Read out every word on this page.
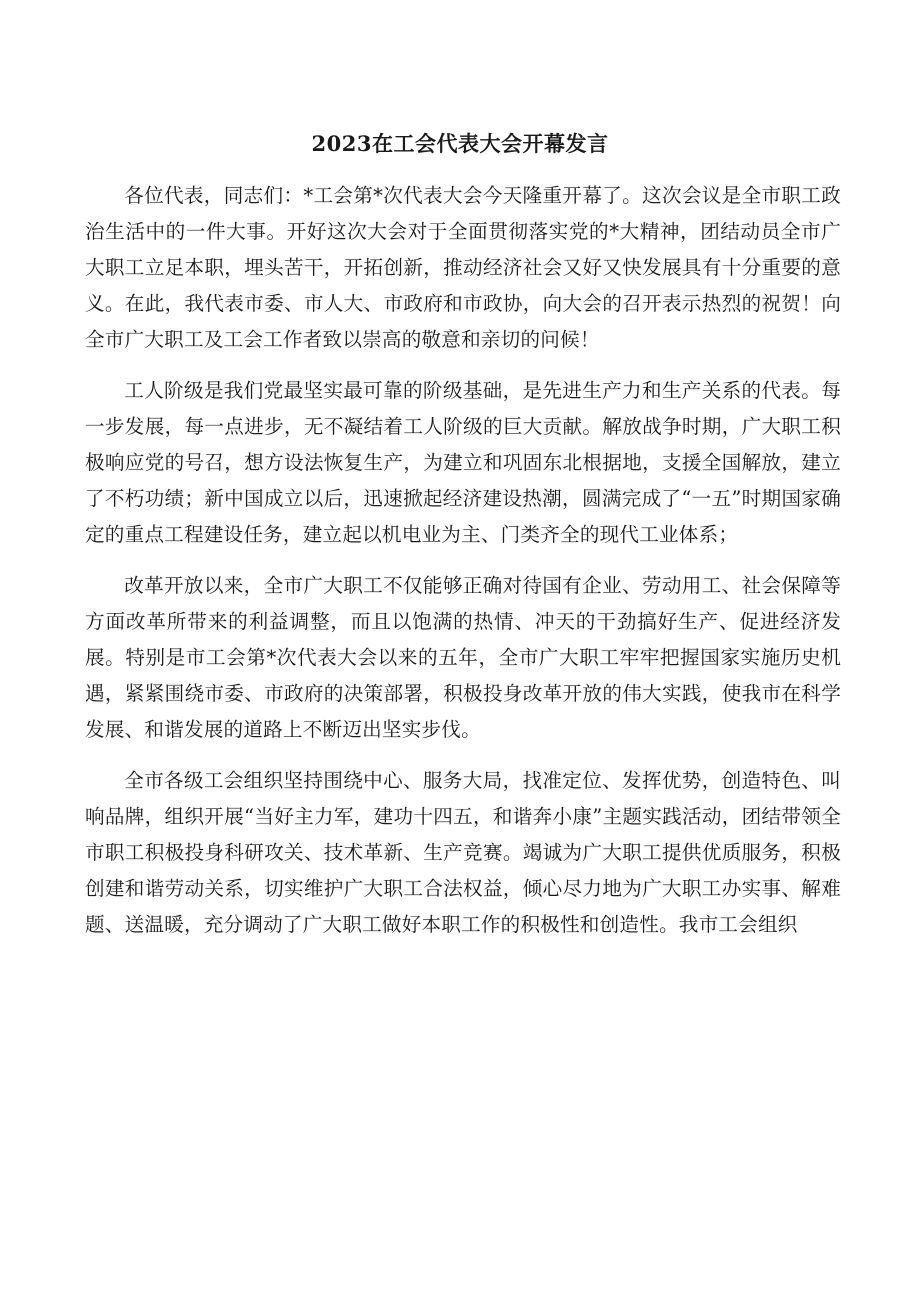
2023在工会代表大会开幕发言

各位代表，同志们：*工会第*次代表大会今天隆重开幕了。这次会议是全市职工政治生活中的一件大事。开好这次大会对于全面贯彻落实党的*大精神，团结动员全市广大职工立足本职，埋头苦干，开拓创新，推动经济社会又好又快发展具有十分重要的意义。在此，我代表市委、市人大、市政府和市政协，向大会的召开表示热烈的祝贺！向全市广大职工及工会工作者致以崇高的敬意和亲切的问候！

工人阶级是我们党最坚实最可靠的阶级基础，是先进生产力和生产关系的代表。每一步发展，每一点进步，无不凝结着工人阶级的巨大贡献。解放战争时期，广大职工积极响应党的号召，想方设法恢复生产，为建立和巩固东北根据地，支援全国解放，建立了不朽功绩；新中国成立以后，迅速掀起经济建设热潮，圆满完成了“一五”时期国家确定的重点工程建设任务，建立起以机电业为主、门类齐全的现代工业体系；

改革开放以来，全市广大职工不仅能够正确对待国有企业、劳动用工、社会保障等方面改革所带来的利益调整，而且以饱满的热情、冲天的干劲搞好生产、促进经济发展。特别是市工会第*次代表大会以来的五年，全市广大职工牢牢把握国家实施历史机遇，紧紧围绕市委、市政府的决策部署，积极投身改革开放的伟大实践，使我市在科学发展、和谐发展的道路上不断迈出坚实步伐。

全市各级工会组织坚持围绕中心、服务大局，找准定位、发挥优势，创造特色、叫响品牌，组织开展“当好主力军，建功十四五，和谐奔小康”主题实践活动，团结带领全市职工积极投身科研攻关、技术革新、生产竞赛。竭诚为广大职工提供优质服务，积极创建和谐劳动关系，切实维护广大职工合法权益，倾心尽力地为广大职工办实事、解难题、送温暖，充分调动了广大职工做好本职工作的积极性和创造性。我市工会组织
